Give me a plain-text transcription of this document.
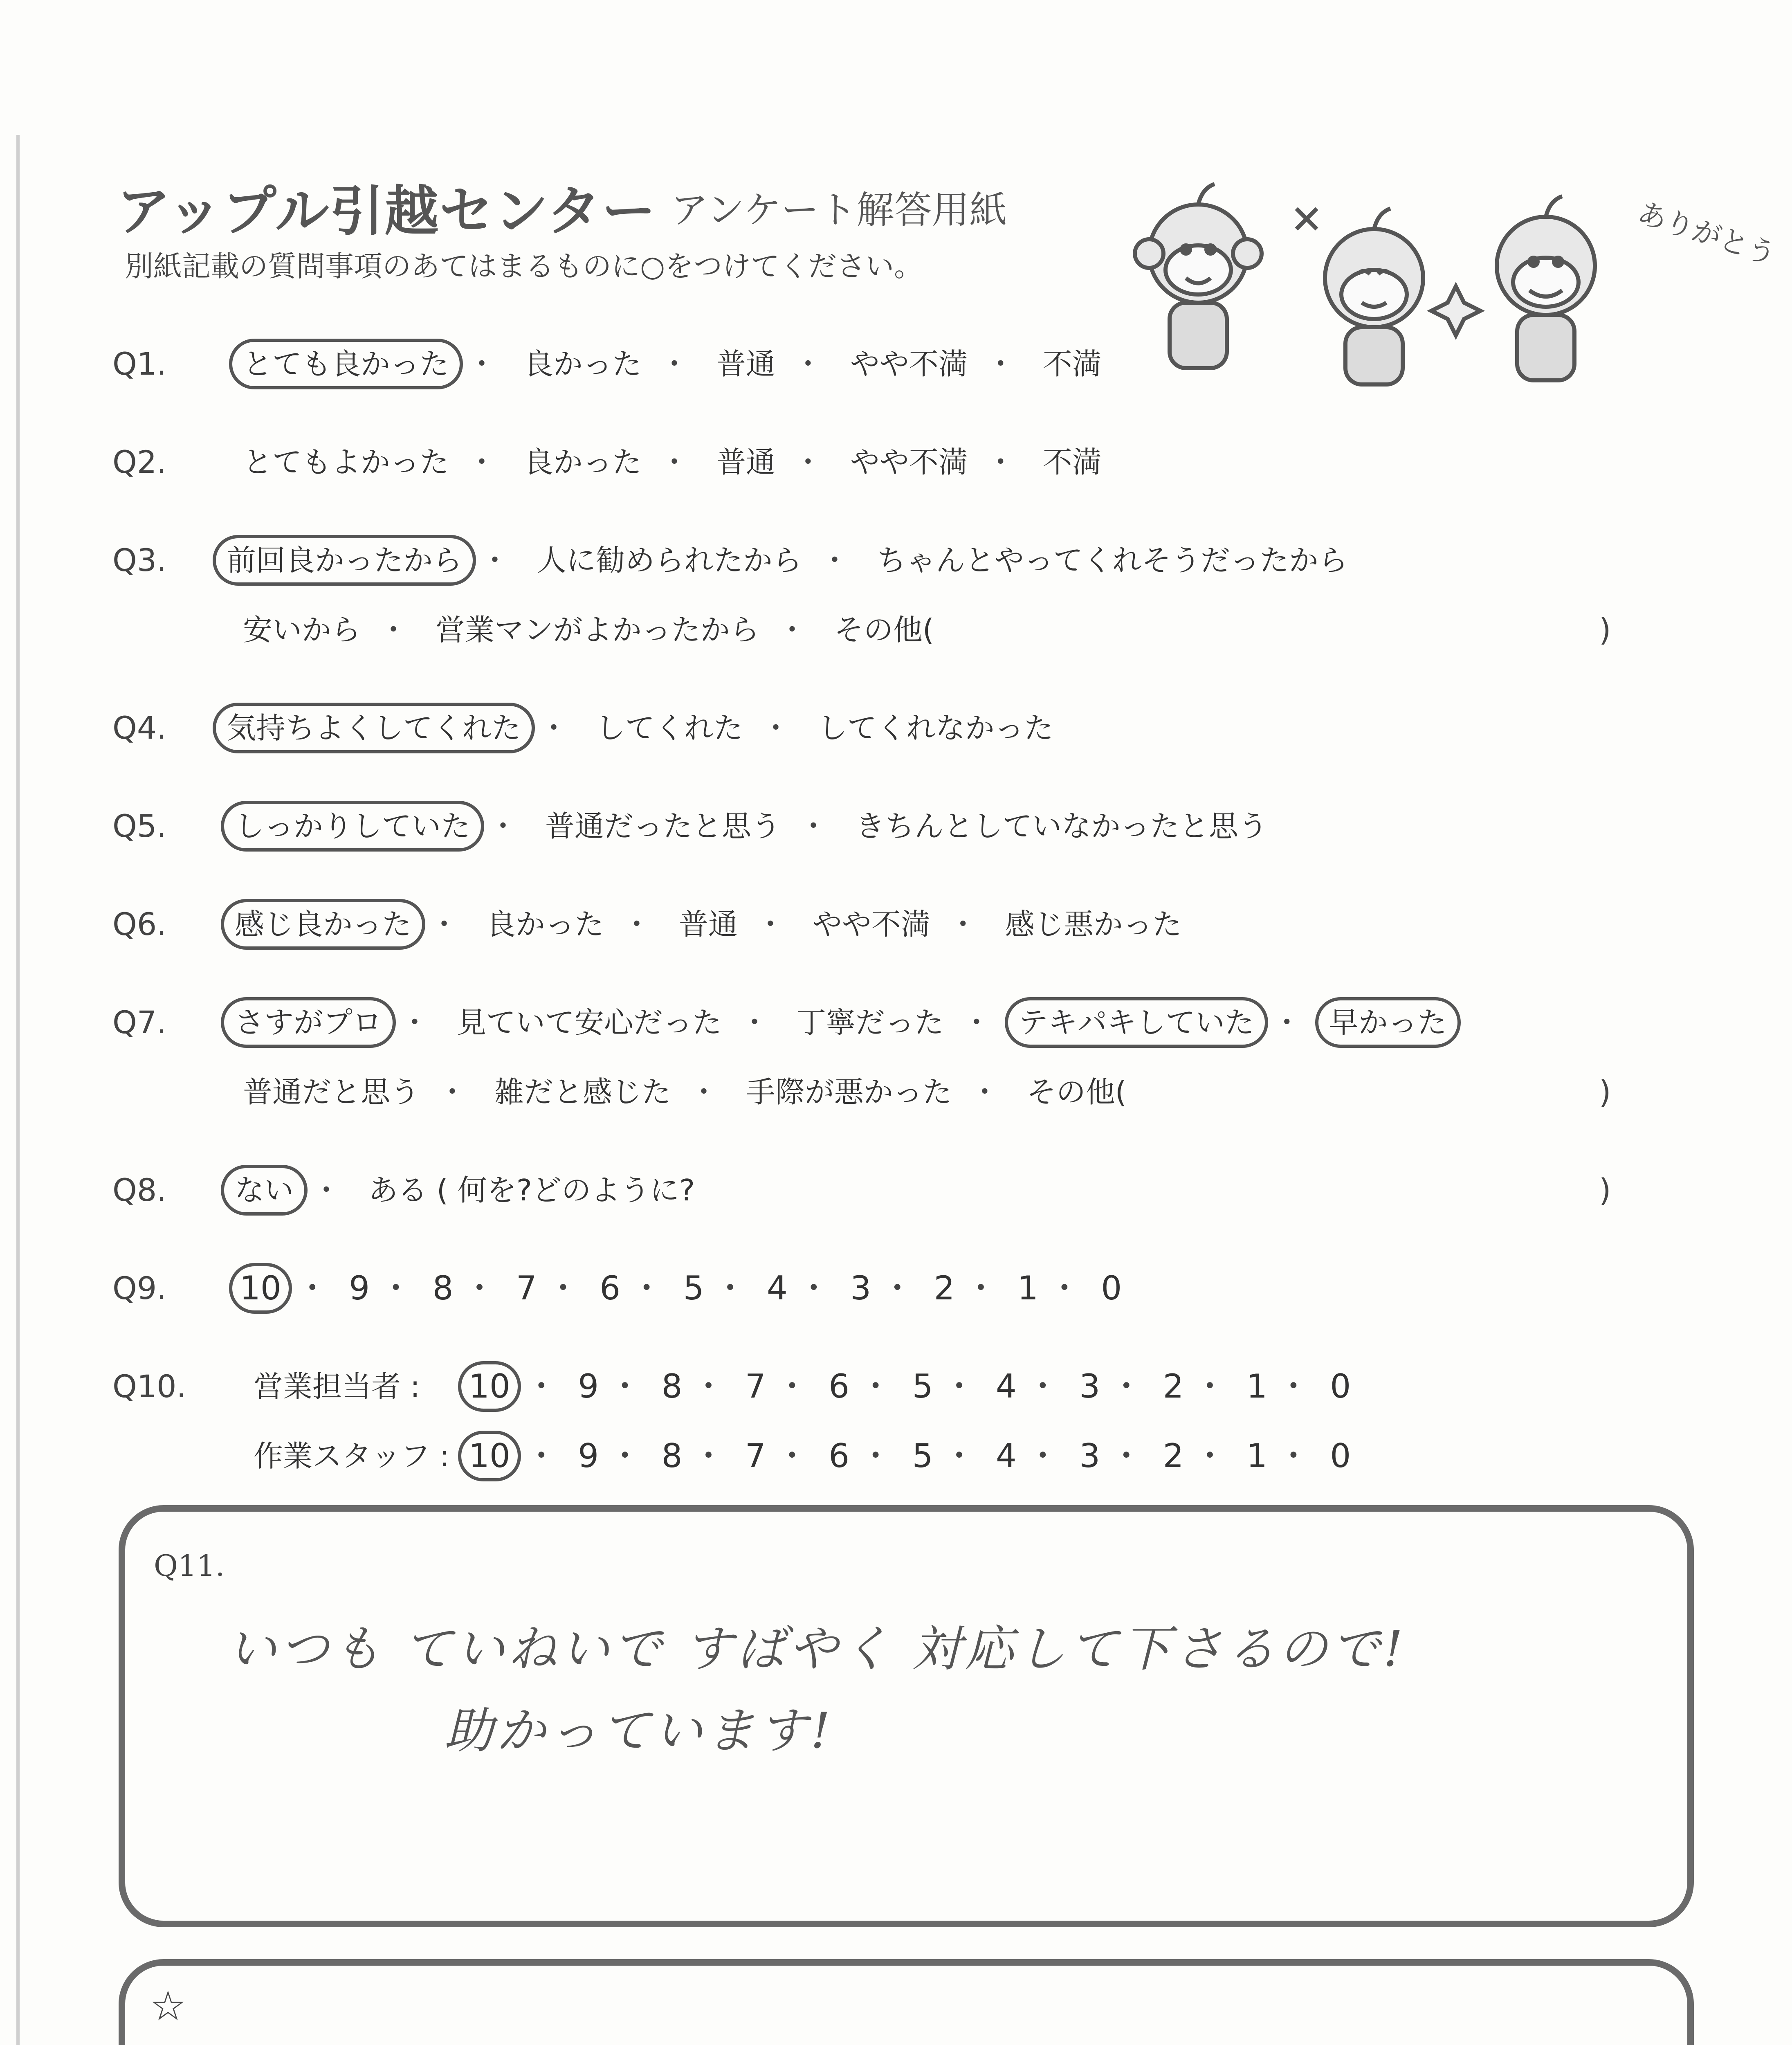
アップル引越センター アンケート解答用紙
別紙記載の質問事項のあてはまるものに○をつけてください。	ありがとう
Q1.	とても良かった ・ 良かった ・ 普通 ・ やや不満 ・ 不満
Q2.	とてもよかった ・ 良かった ・ 普通 ・ やや不満 ・ 不満
Q3.	前回良かったから ・ 人に勧められたから ・ ちゃんとやってくれそうだったから
安いから ・ 営業マンがよかったから ・ その他(	)
Q4.	気持ちよくしてくれた ・ してくれた ・ してくれなかった
Q5.	しっかりしていた ・ 普通だったと思う ・ きちんとしていなかったと思う
Q6.	感じ良かった ・ 良かった ・ 普通 ・ やや不満 ・ 感じ悪かった
Q7.	さすがプロ ・ 見ていて安心だった ・ 丁寧だった ・ テキパキしていた ・ 早かった
普通だと思う ・ 雑だと感じた ・ 手際が悪かった ・ その他(	)
Q8.	ない ・ ある ( 何を?どのように?	)
Q9.	10 ・ 9 ・ 8 ・ 7 ・ 6 ・ 5 ・ 4 ・ 3 ・ 2 ・ 1 ・ 0
Q10. 営業担当者 :	10 ・ 9 ・ 8 ・ 7 ・ 6 ・ 5 ・ 4 ・ 3 ・ 2 ・ 1 ・ 0
作業スタッフ : 10 ・ 9 ・ 8 ・ 7 ・ 6 ・ 5 ・ 4 ・ 3 ・ 2 ・ 1 ・ 0
Q11.
いつも ていねいで すばやく 対応して下さるので!
助かっています!
☆
